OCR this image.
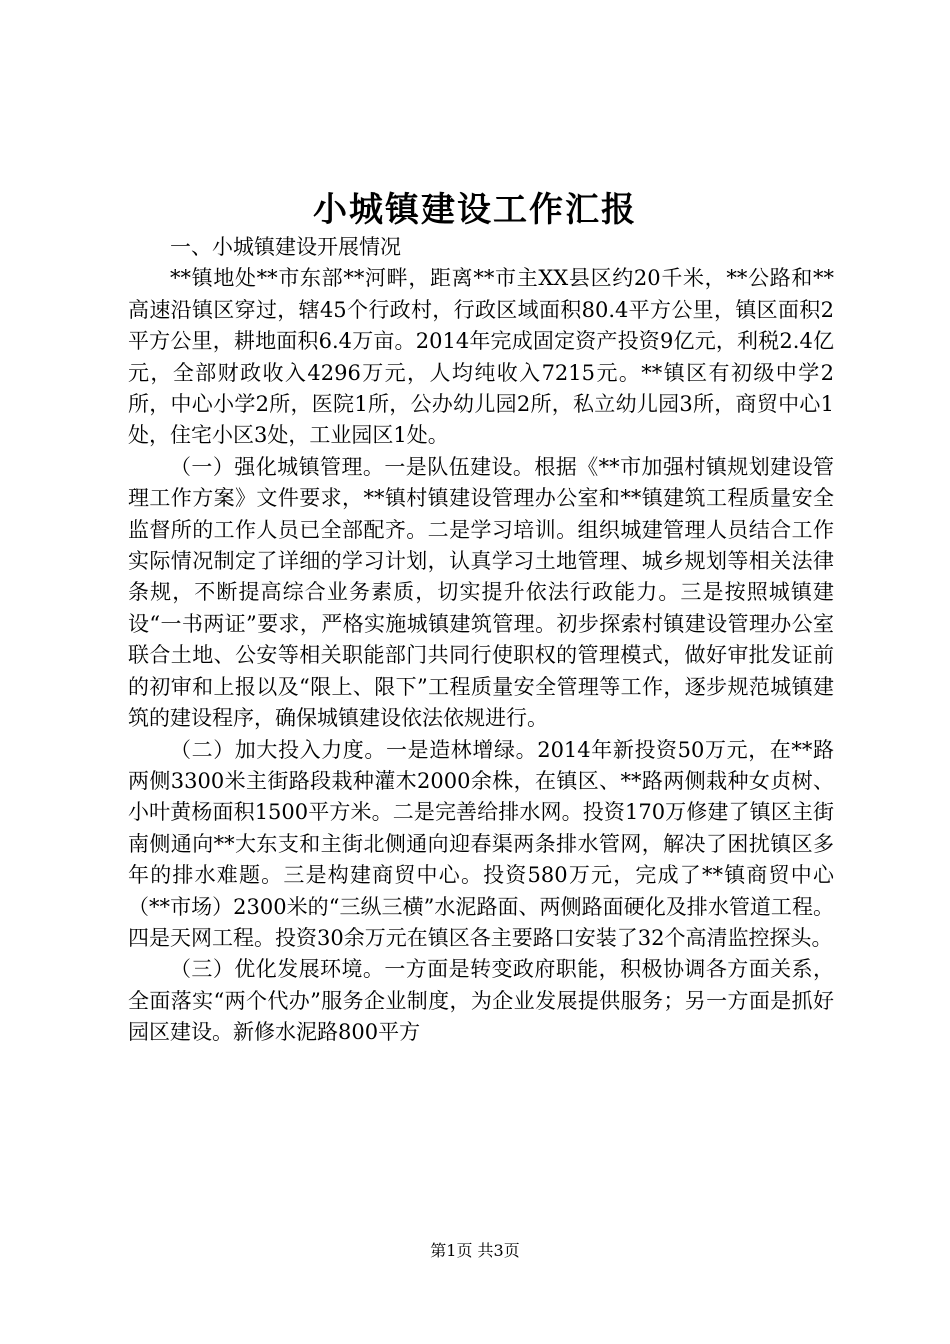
小城镇建设工作汇报

一、小城镇建设开展情况

**镇地处**市东部**河畔，距离**市主XX县区约20千米，**公路和**高速沿镇区穿过，辖45个行政村，行政区域面积80.4平方公里，镇区面积2平方公里，耕地面积6.4万亩。2014年完成固定资产投资9亿元，利税2.4亿元，全部财政收入4296万元，人均纯收入7215元。**镇区有初级中学2所，中心小学2所，医院1所，公办幼儿园2所，私立幼儿园3所，商贸中心1处，住宅小区3处，工业园区1处。

（一）强化城镇管理。一是队伍建设。根据《**市加强村镇规划建设管理工作方案》文件要求，**镇村镇建设管理办公室和**镇建筑工程质量安全监督所的工作人员已全部配齐。二是学习培训。组织城建管理人员结合工作实际情况制定了详细的学习计划，认真学习土地管理、城乡规划等相关法律条规，不断提高综合业务素质，切实提升依法行政能力。三是按照城镇建设“一书两证”要求，严格实施城镇建筑管理。初步探索村镇建设管理办公室联合土地、公安等相关职能部门共同行使职权的管理模式，做好审批发证前的初审和上报以及“限上、限下”工程质量安全管理等工作，逐步规范城镇建筑的建设程序，确保城镇建设依法依规进行。

（二）加大投入力度。一是造林增绿。2014年新投资50万元，在**路两侧3300米主街路段栽种灌木2000余株，在镇区、**路两侧栽种女贞树、小叶黄杨面积1500平方米。二是完善给排水网。投资170万修建了镇区主街南侧通向**大东支和主街北侧通向迎春渠两条排水管网，解决了困扰镇区多年的排水难题。三是构建商贸中心。投资580万元，完成了**镇商贸中心（**市场）2300米的“三纵三横”水泥路面、两侧路面硬化及排水管道工程。四是天网工程。投资30余万元在镇区各主要路口安装了32个高清监控探头。

（三）优化发展环境。一方面是转变政府职能，积极协调各方面关系，全面落实“两个代办”服务企业制度，为企业发展提供服务；另一方面是抓好园区建设。新修水泥路800平方

第1页 共3页
